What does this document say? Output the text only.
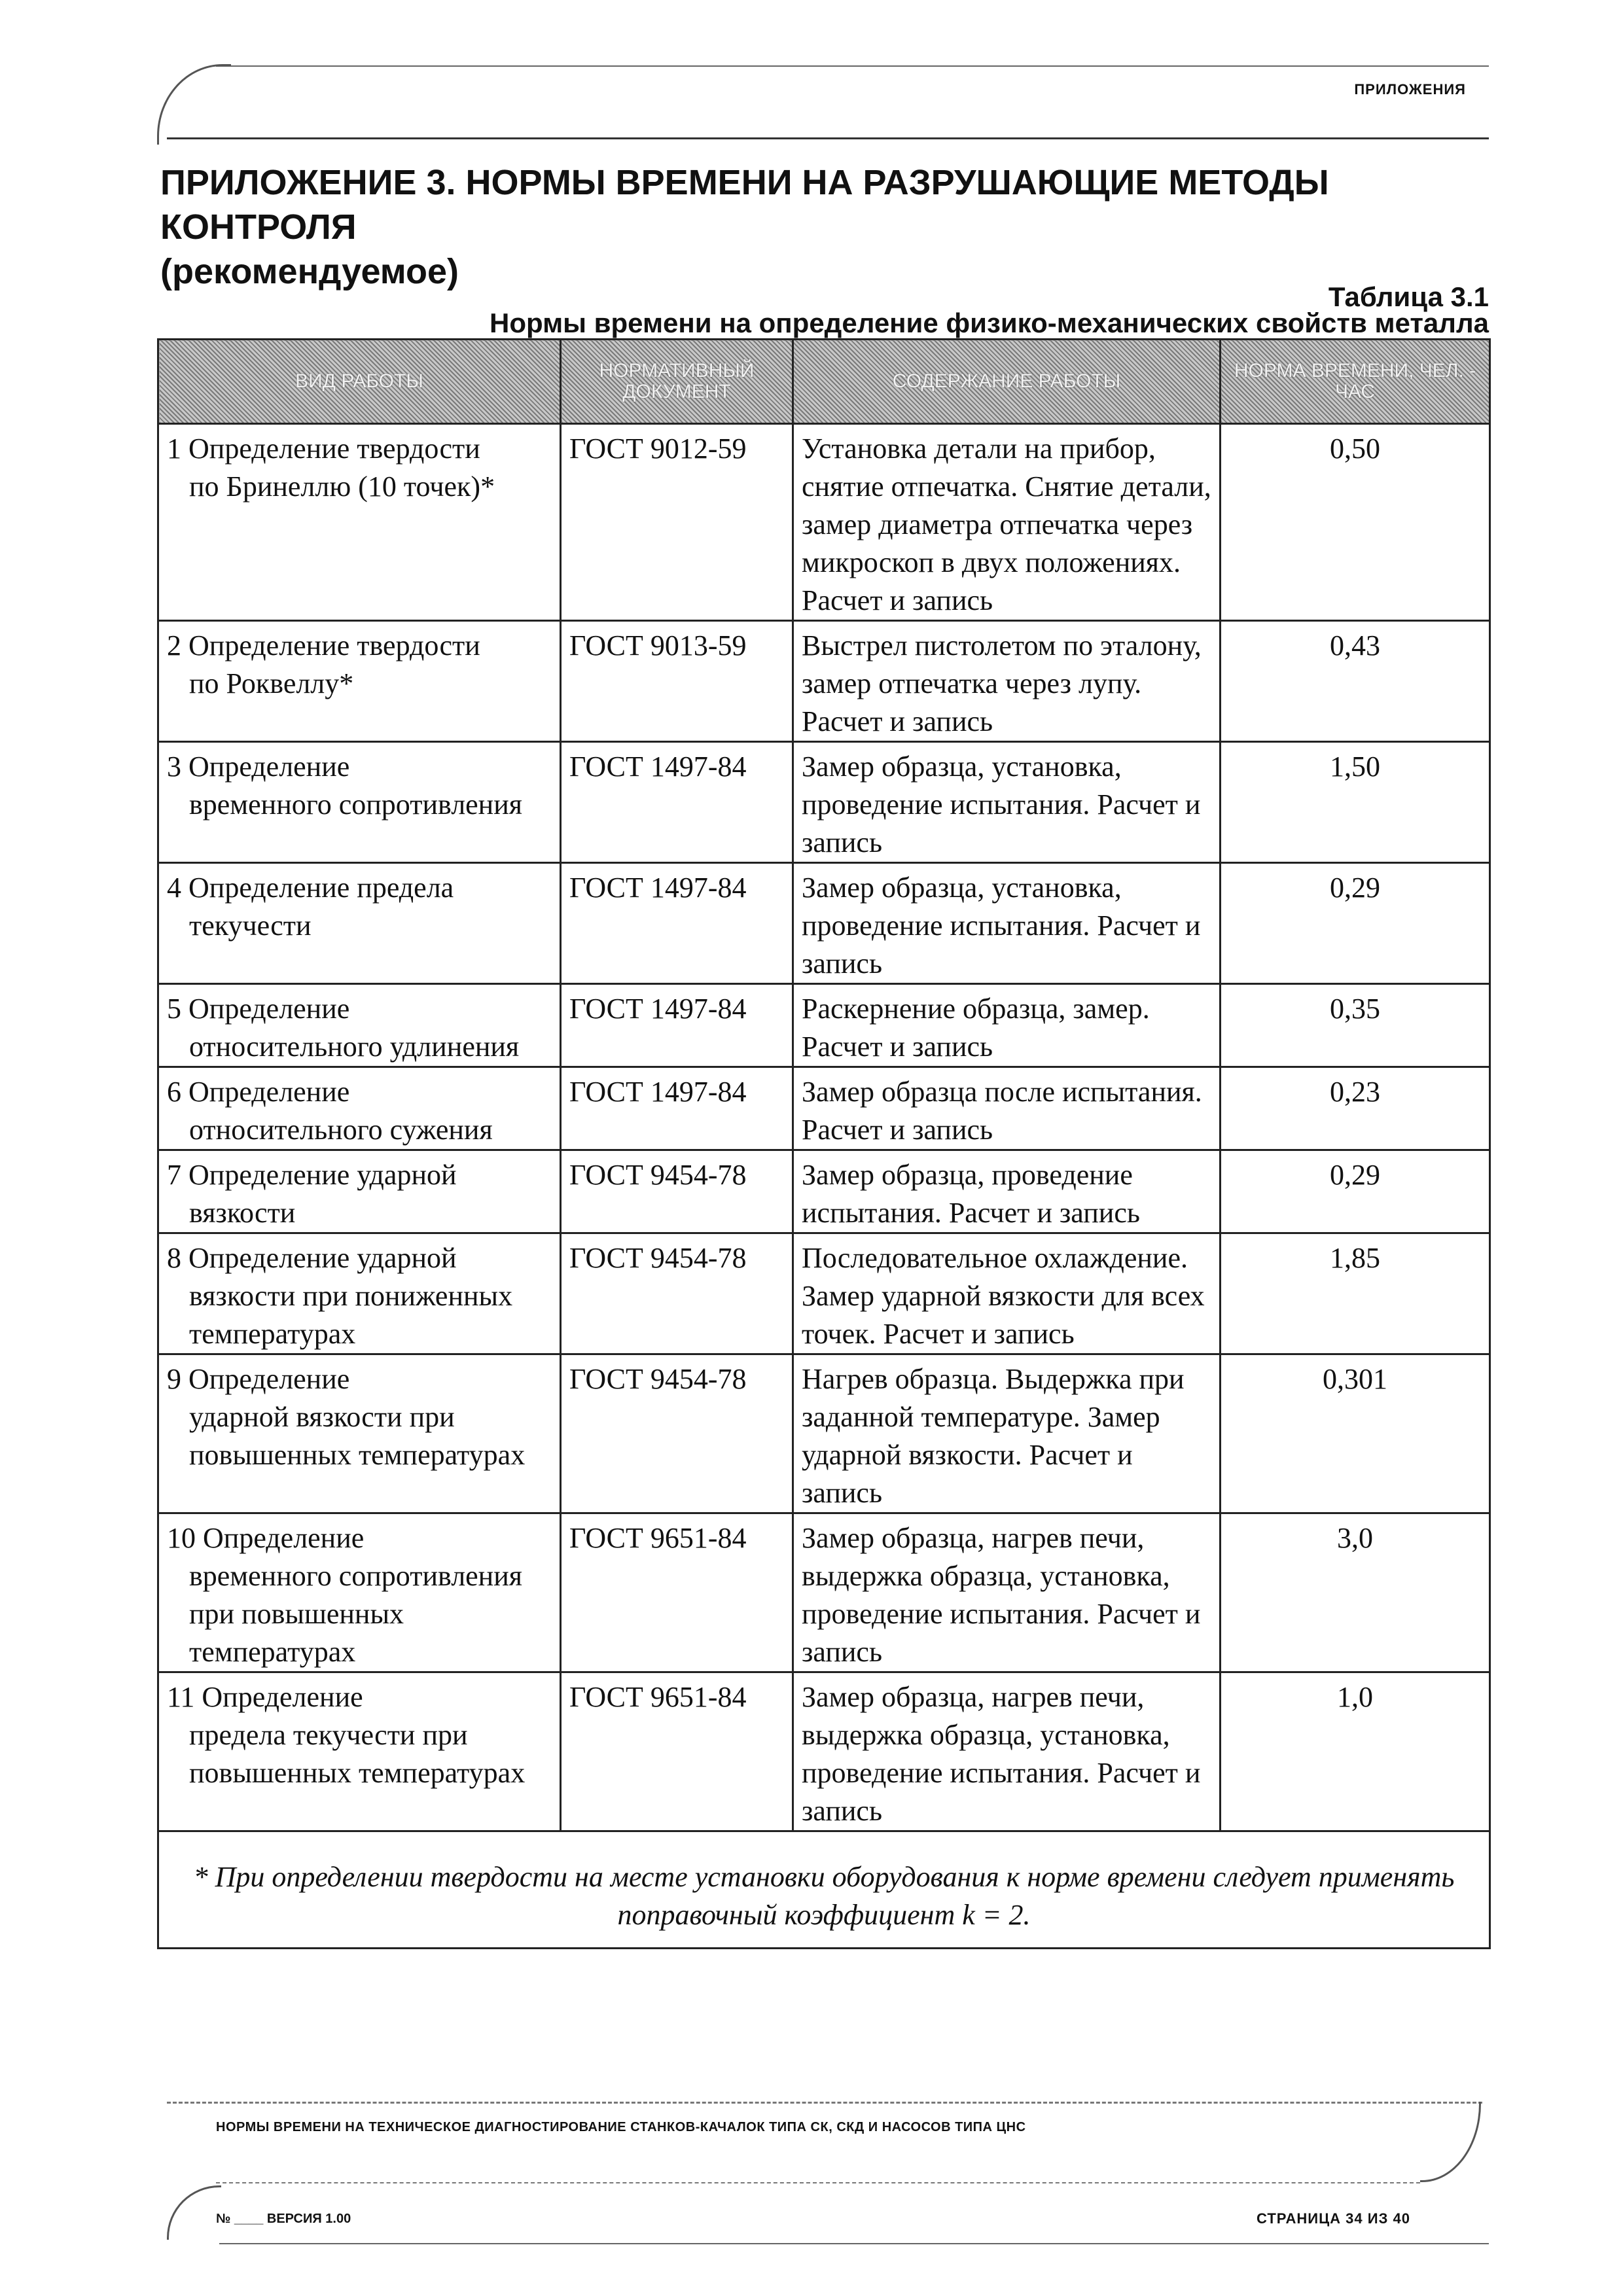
ПРИЛОЖЕНИЯ
ПРИЛОЖЕНИЕ 3. НОРМЫ ВРЕМЕНИ НА РАЗРУШАЮЩИЕ МЕТОДЫ КОНТРОЛЯ
(рекомендуемое)
Таблица 3.1
Нормы времени на определение физико-механических свойств металла
ВИД РАБОТЫ	НОРМАТИВНЫЙ ДОКУМЕНТ	СОДЕРЖАНИЕ РАБОТЫ	НОРМА ВРЕМЕНИ, ЧЕЛ. - ЧАС
1 Определение твердости
по Бринеллю (10 точек)*	ГОСТ 9012-59	Установка детали на прибор, снятие отпечатка. Снятие детали, замер диаметра отпечатка через микроскоп в двух положениях. Расчет и запись	0,50
2 Определение твердости
по Роквеллу*	ГОСТ 9013-59	Выстрел пистолетом по эталону, замер отпечатка через лупу. Расчет и запись	0,43
3 Определение
временного сопротивления	ГОСТ 1497-84	Замер образца, установка, проведение испытания. Расчет и запись	1,50
4 Определение предела
текучести	ГОСТ 1497-84	Замер образца, установка, проведение испытания. Расчет и запись	0,29
5 Определение
относительного удлинения	ГОСТ 1497-84	Раскернение образца, замер. Расчет и запись	0,35
6 Определение
относительного сужения	ГОСТ 1497-84	Замер образца после испытания. Расчет и запись	0,23
7 Определение ударной
вязкости	ГОСТ 9454-78	Замер образца, проведение испытания. Расчет и запись	0,29
8 Определение ударной
вязкости при пониженных температурах	ГОСТ 9454-78	Последовательное охлаждение. Замер ударной вязкости для всех точек. Расчет и запись	1,85
9 Определение
ударной вязкости при повышенных температурах	ГОСТ 9454-78	Нагрев образца. Выдержка при заданной температуре. Замер ударной вязкости. Расчет и запись	0,301
10 Определение
временного сопротивления при повышенных температурах	ГОСТ 9651-84	Замер образца, нагрев печи, выдержка образца, установка, проведение испытания. Расчет и запись	3,0
11 Определение
предела текучести при повышенных температурах	ГОСТ 9651-84	Замер образца, нагрев печи, выдержка образца, установка, проведение испытания. Расчет и запись	1,0
* При определении твердости на месте установки оборудования к норме времени следует применять поправочный коэффициент k = 2.			
НОРМЫ ВРЕМЕНИ НА ТЕХНИЧЕСКОЕ ДИАГНОСТИРОВАНИЕ СТАНКОВ-КАЧАЛОК ТИПА СК, СКД И НАСОСОВ ТИПА ЦНС
№ ____ ВЕРСИЯ 1.00	СТРАНИЦА 34 ИЗ 40
